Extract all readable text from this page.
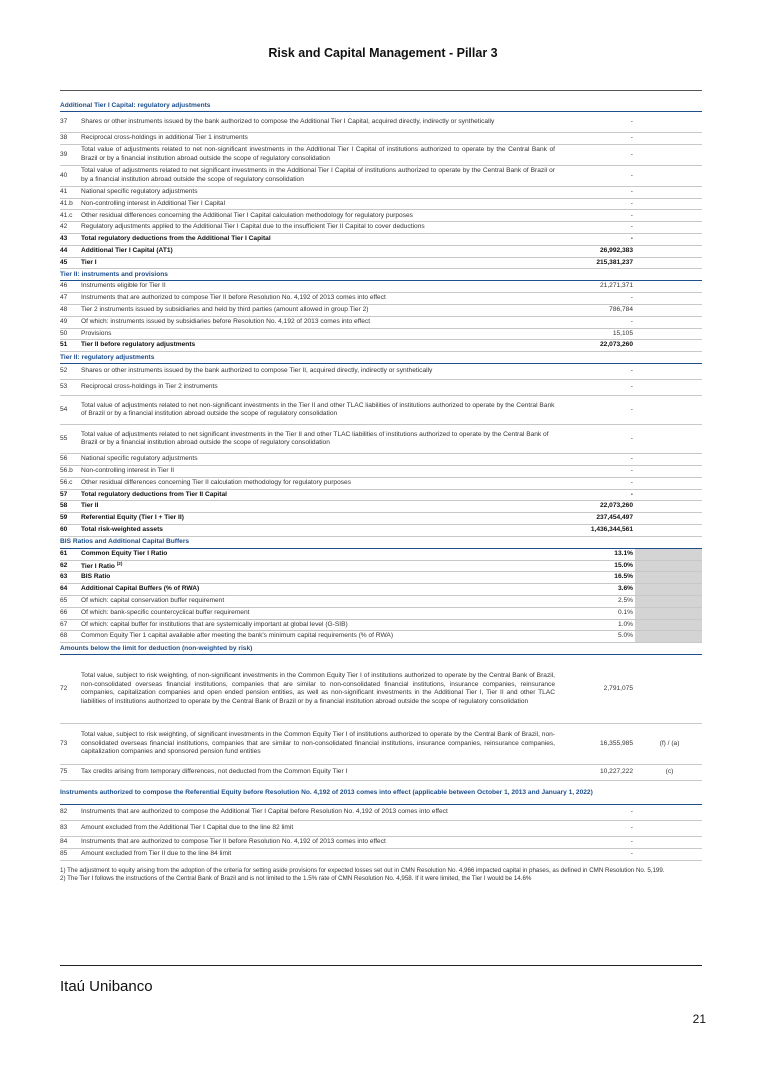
Risk and Capital Management - Pillar 3
Additional Tier I Capital: regulatory adjustments			
37	Shares or other instruments issued by the bank authorized to compose the Additional Tier I Capital, acquired directly, indirectly or synthetically	-	
38	Reciprocal cross-holdings in additional Tier 1 instruments	-	
39	Total value of adjustments related to net non-significant investments in the Additional Tier I Capital of institutions authorized to operate by the Central Bank of Brazil or by a financial institution abroad outside the scope of regulatory consolidation	-	
40	Total value of adjustments related to net significant investments in the Additional Tier I Capital of institutions authorized to operate by the Central Bank of Brazil or by a financial institution abroad outside the scope of regulatory consolidation	-	
41	National specific regulatory adjustments	-	
41.b	Non-controlling interest in Additional Tier I Capital	-	
41.c	Other residual differences concerning the Additional Tier I Capital calculation methodology for regulatory purposes	-	
42	Regulatory adjustments applied to the Additional Tier I Capital due to the insufficient Tier II Capital to cover deductions	-	
43	Total regulatory deductions from the Additional Tier I Capital	-	
44	Additional Tier I Capital (AT1)	26,992,383	
45	Tier I	215,381,237	
Tier II: instruments and provisions			
46	Instruments eligible for Tier II	21,271,371	
47	Instruments that are authorized to compose Tier II before Resolution No. 4,192 of 2013 comes into effect	-	
48	Tier 2 instruments issued by subsidiaries and held by third parties (amount allowed in group Tier 2)	786,784	
49	Of which: instruments issued by subsidiaries before Resolution No. 4,192 of 2013 comes into effect	-	
50	Provisions	15,105	
51	Tier II before regulatory adjustments	22,073,260	
Tier II: regulatory adjustments			
52	Shares or other instruments issued by the bank authorized to compose Tier II, acquired directly, indirectly or synthetically	-	
53	Reciprocal cross-holdings in Tier 2 instruments	-	
54	Total value of adjustments related to net non-significant investments in the Tier II and other TLAC liabilities of institutions authorized to operate by the Central Bank of Brazil or by a financial institution abroad outside the scope of regulatory consolidation	-	
55	Total value of adjustments related to net significant investments in the Tier II and other TLAC liabilities of institutions authorized to operate by the Central Bank of Brazil or by a financial institution abroad outside the scope of regulatory consolidation	-	
56	National specific regulatory adjustments	-	
56.b	Non-controlling interest in Tier II	-	
56.c	Other residual differences concerning Tier II calculation methodology for regulatory purposes	-	
57	Total regulatory deductions from Tier II Capital	-	
58	Tier II	22,073,260	
59	Referential Equity (Tier I + Tier II)	237,454,497	
60	Total risk-weighted assets	1,436,344,561	
BIS Ratios and Additional Capital Buffers			
61	Common Equity Tier I Ratio	13.1%	
62	Tier I Ratio $^{(2)}$	15.0%	
63	BIS Ratio	16.5%	
64	Additional Capital Buffers (% of RWA)	3.6%	
65	Of which: capital conservation buffer requirement	2.5%	
66	Of which: bank-specific countercyclical buffer requirement	0.1%	
67	Of which: capital buffer for institutions that are systemically important at global level (G-SIB)	1.0%	
68	Common Equity Tier 1 capital available after meeting the bank's minimum capital requirements (% of RWA)	5.0%	
Amounts below the limit for deduction (non-weighted by risk)			
72	Total value, subject to risk weighting, of non-significant investments in the Common Equity Tier I of institutions authorized to operate by the Central Bank of Brazil, non-consolidated overseas financial institutions, companies that are similar to non-consolidated financial institutions, insurance companies, reinsurance companies, capitalization companies and open ended pension entities, as well as non-significant investments in the Additional Tier I, Tier II and other TLAC liabilities of institutions authorized to operate by the Central Bank of Brazil or by a financial institution abroad outside the scope of regulatory consolidation	2,791,075	
73	Total value, subject to risk weighting, of significant investments in the Common Equity Tier I of institutions authorized to operate by the Central Bank of Brazil, non-consolidated overseas financial institutions, companies that are similar to non-consolidated financial institutions, insurance companies, reinsurance companies, capitalization companies and sponsored pension fund entities	16,355,985	(f) / (a)
75	Tax credits arising from temporary differences, not deducted from the Common Equity Tier I	10,227,222	(c)
Instruments authorized to compose the Referential Equity before Resolution No. 4,192 of 2013 comes into effect (applicable between October 1, 2013 and January 1, 2022)			
82	Instruments that are authorized to compose the Additional Tier I Capital before Resolution No. 4,192 of 2013 comes into effect	-	
83	Amount excluded from the Additional Tier I Capital due to the line 82 limit	-	
84	Instruments that are authorized to compose Tier II before Resolution No. 4,192 of 2013 comes into effect	-	
85	Amount excluded from Tier II due to the line 84 limit	-	
1) The adjustment to equity arising from the adoption of the criteria for setting aside provisions for expected losses set out in CMN Resolution No. 4,966 impacted capital in phases, as defined in CMN Resolution No. 5,199.
2) The Tier I follows the instructions of the Central Bank of Brazil and is not limited to the 1.5% rate of CMN Resolution No. 4,958. If it were limited, the Tier I would be 14.6%
Itaú Unibanco
21
